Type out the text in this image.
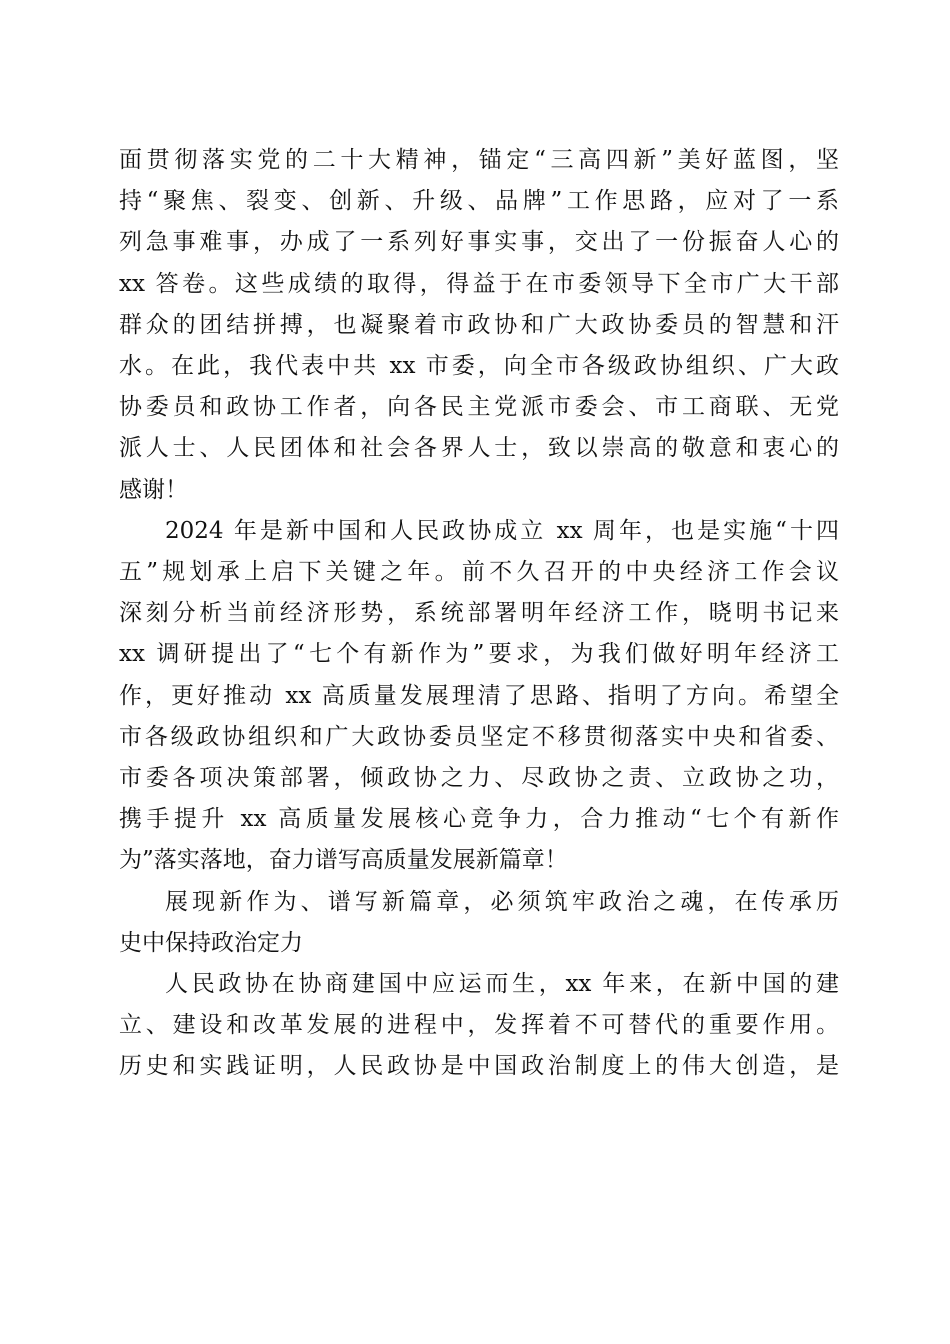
面贯彻落实党的二十大精神，锚定“三高四新”美好蓝图，坚
持“聚焦、裂变、创新、升级、品牌”工作思路，应对了一系
列急事难事，办成了一系列好事实事，交出了一份振奋人心的
xx 答卷。这些成绩的取得，得益于在市委领导下全市广大干部
群众的团结拼搏，也凝聚着市政协和广大政协委员的智慧和汗
水。在此，我代表中共 xx 市委，向全市各级政协组织、广大政
协委员和政协工作者，向各民主党派市委会、市工商联、无党
派人士、人民团体和社会各界人士，致以崇高的敬意和衷心的
感谢！

2024 年是新中国和人民政协成立 xx 周年，也是实施“十四
五”规划承上启下关键之年。前不久召开的中央经济工作会议
深刻分析当前经济形势，系统部署明年经济工作，晓明书记来
xx 调研提出了“七个有新作为”要求，为我们做好明年经济工
作，更好推动 xx 高质量发展理清了思路、指明了方向。希望全
市各级政协组织和广大政协委员坚定不移贯彻落实中央和省委、
市委各项决策部署，倾政协之力、尽政协之责、立政协之功，
携手提升 xx 高质量发展核心竞争力，合力推动“七个有新作
为”落实落地，奋力谱写高质量发展新篇章！

展现新作为、谱写新篇章，必须筑牢政治之魂，在传承历
史中保持政治定力

人民政协在协商建国中应运而生，xx 年来，在新中国的建
立、建设和改革发展的进程中，发挥着不可替代的重要作用。
历史和实践证明，人民政协是中国政治制度上的伟大创造，是
